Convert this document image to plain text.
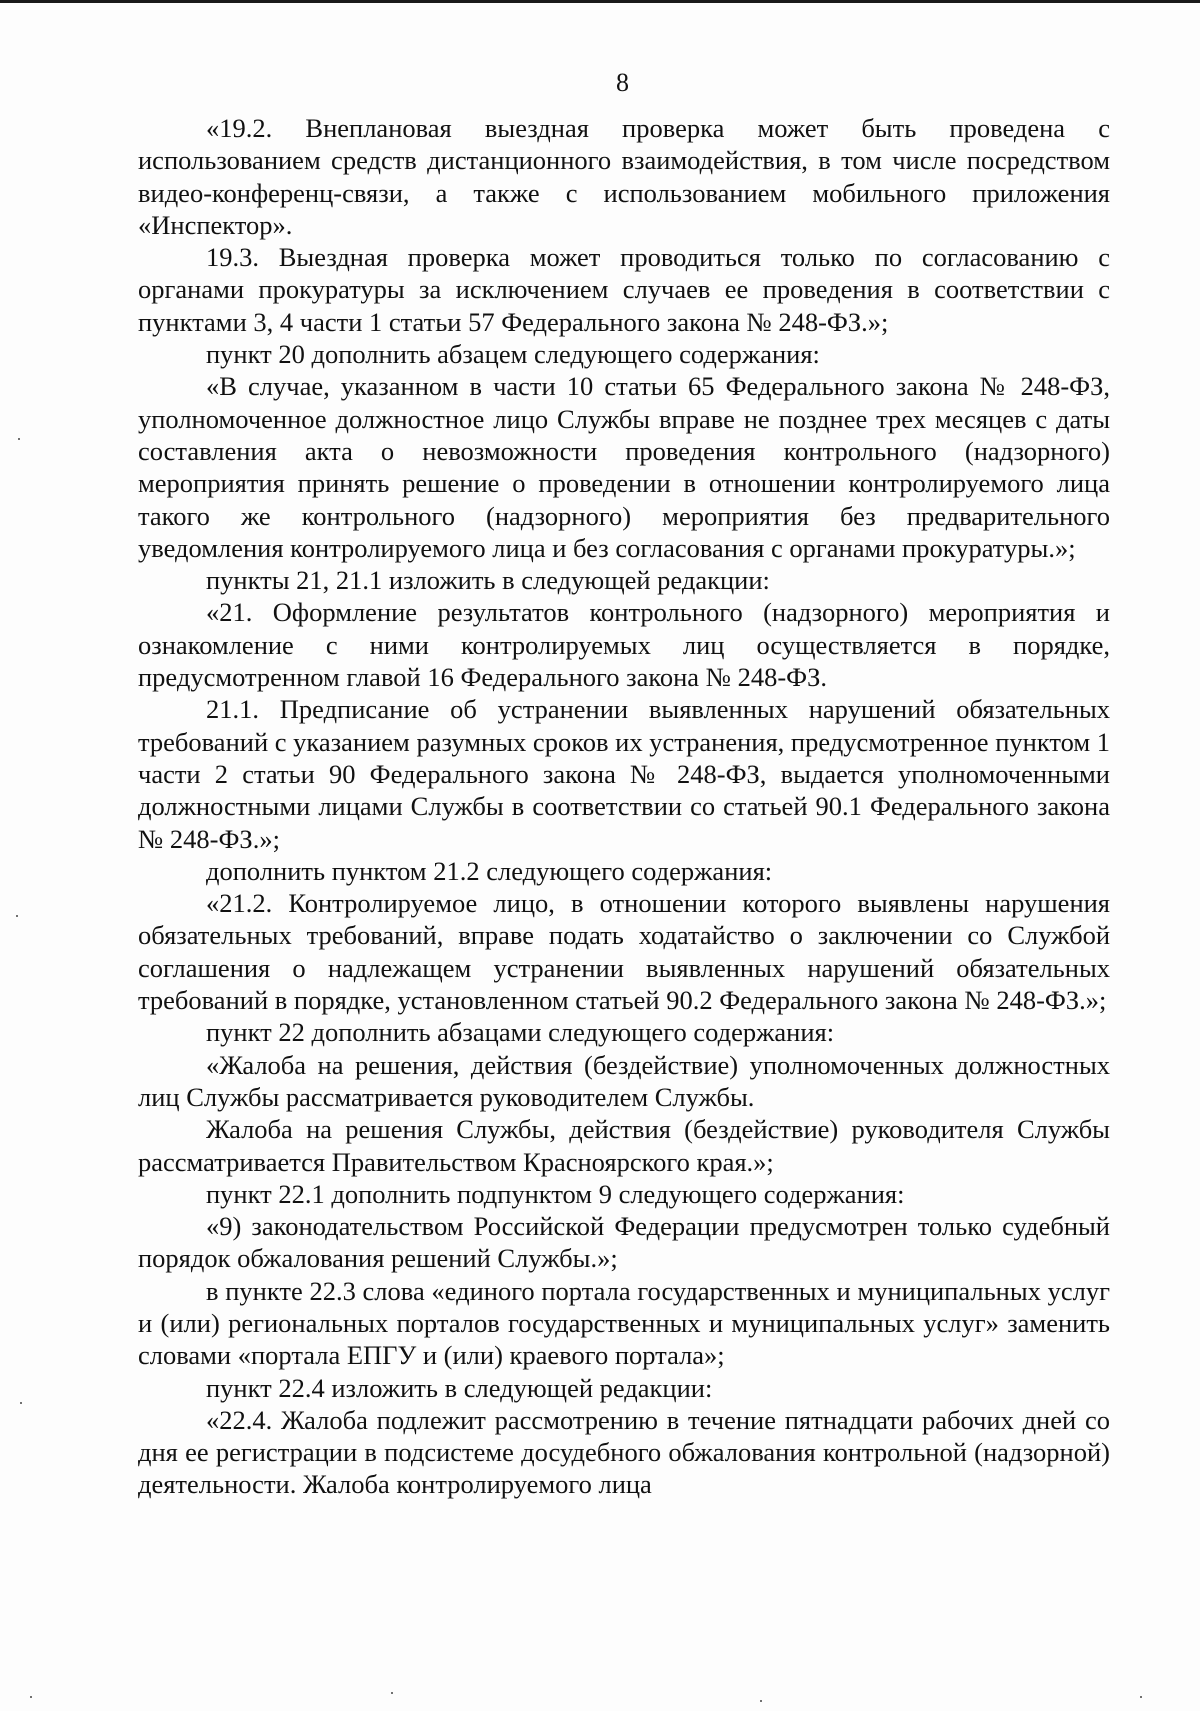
8

«19.2. Внеплановая выездная проверка может быть проведена с использованием средств дистанционного взаимодействия, в том числе посредством видео-конференц-связи, а также с использованием мобильного приложения «Инспектор».

19.3. Выездная проверка может проводиться только по согласованию с органами прокуратуры за исключением случаев ее проведения в соответствии с пунктами 3, 4 части 1 статьи 57 Федерального закона № 248-ФЗ.»;

пункт 20 дополнить абзацем следующего содержания:

«В случае, указанном в части 10 статьи 65 Федерального закона № 248-ФЗ, уполномоченное должностное лицо Службы вправе не позднее трех месяцев с даты составления акта о невозможности проведения контрольного (надзорного) мероприятия принять решение о проведении в отношении контролируемого лица такого же контрольного (надзорного) мероприятия без предварительного уведомления контролируемого лица и без согласования с органами прокуратуры.»;

пункты 21, 21.1 изложить в следующей редакции:

«21. Оформление результатов контрольного (надзорного) мероприятия и ознакомление с ними контролируемых лиц осуществляется в порядке, предусмотренном главой 16 Федерального закона № 248-ФЗ.

21.1. Предписание об устранении выявленных нарушений обязательных требований с указанием разумных сроков их устранения, предусмотренное пунктом 1 части 2 статьи 90 Федерального закона № 248-ФЗ, выдается уполномоченными должностными лицами Службы в соответствии со статьей 90.1 Федерального закона № 248-ФЗ.»;

дополнить пунктом 21.2 следующего содержания:

«21.2. Контролируемое лицо, в отношении которого выявлены нарушения обязательных требований, вправе подать ходатайство о заключении со Службой соглашения о надлежащем устранении выявленных нарушений обязательных требований в порядке, установленном статьей 90.2 Федерального закона № 248-ФЗ.»;

пункт 22 дополнить абзацами следующего содержания:

«Жалоба на решения, действия (бездействие) уполномоченных должностных лиц Службы рассматривается руководителем Службы.

Жалоба на решения Службы, действия (бездействие) руководителя Службы рассматривается Правительством Красноярского края.»;

пункт 22.1 дополнить подпунктом 9 следующего содержания:

«9) законодательством Российской Федерации предусмотрен только судебный порядок обжалования решений Службы.»;

в пункте 22.3 слова «единого портала государственных и муниципальных услуг и (или) региональных порталов государственных и муниципальных услуг» заменить словами «портала ЕПГУ и (или) краевого портала»;

пункт 22.4 изложить в следующей редакции:

«22.4. Жалоба подлежит рассмотрению в течение пятнадцати рабочих дней со дня ее регистрации в подсистеме досудебного обжалования контрольной (надзорной) деятельности. Жалоба контролируемого лица
